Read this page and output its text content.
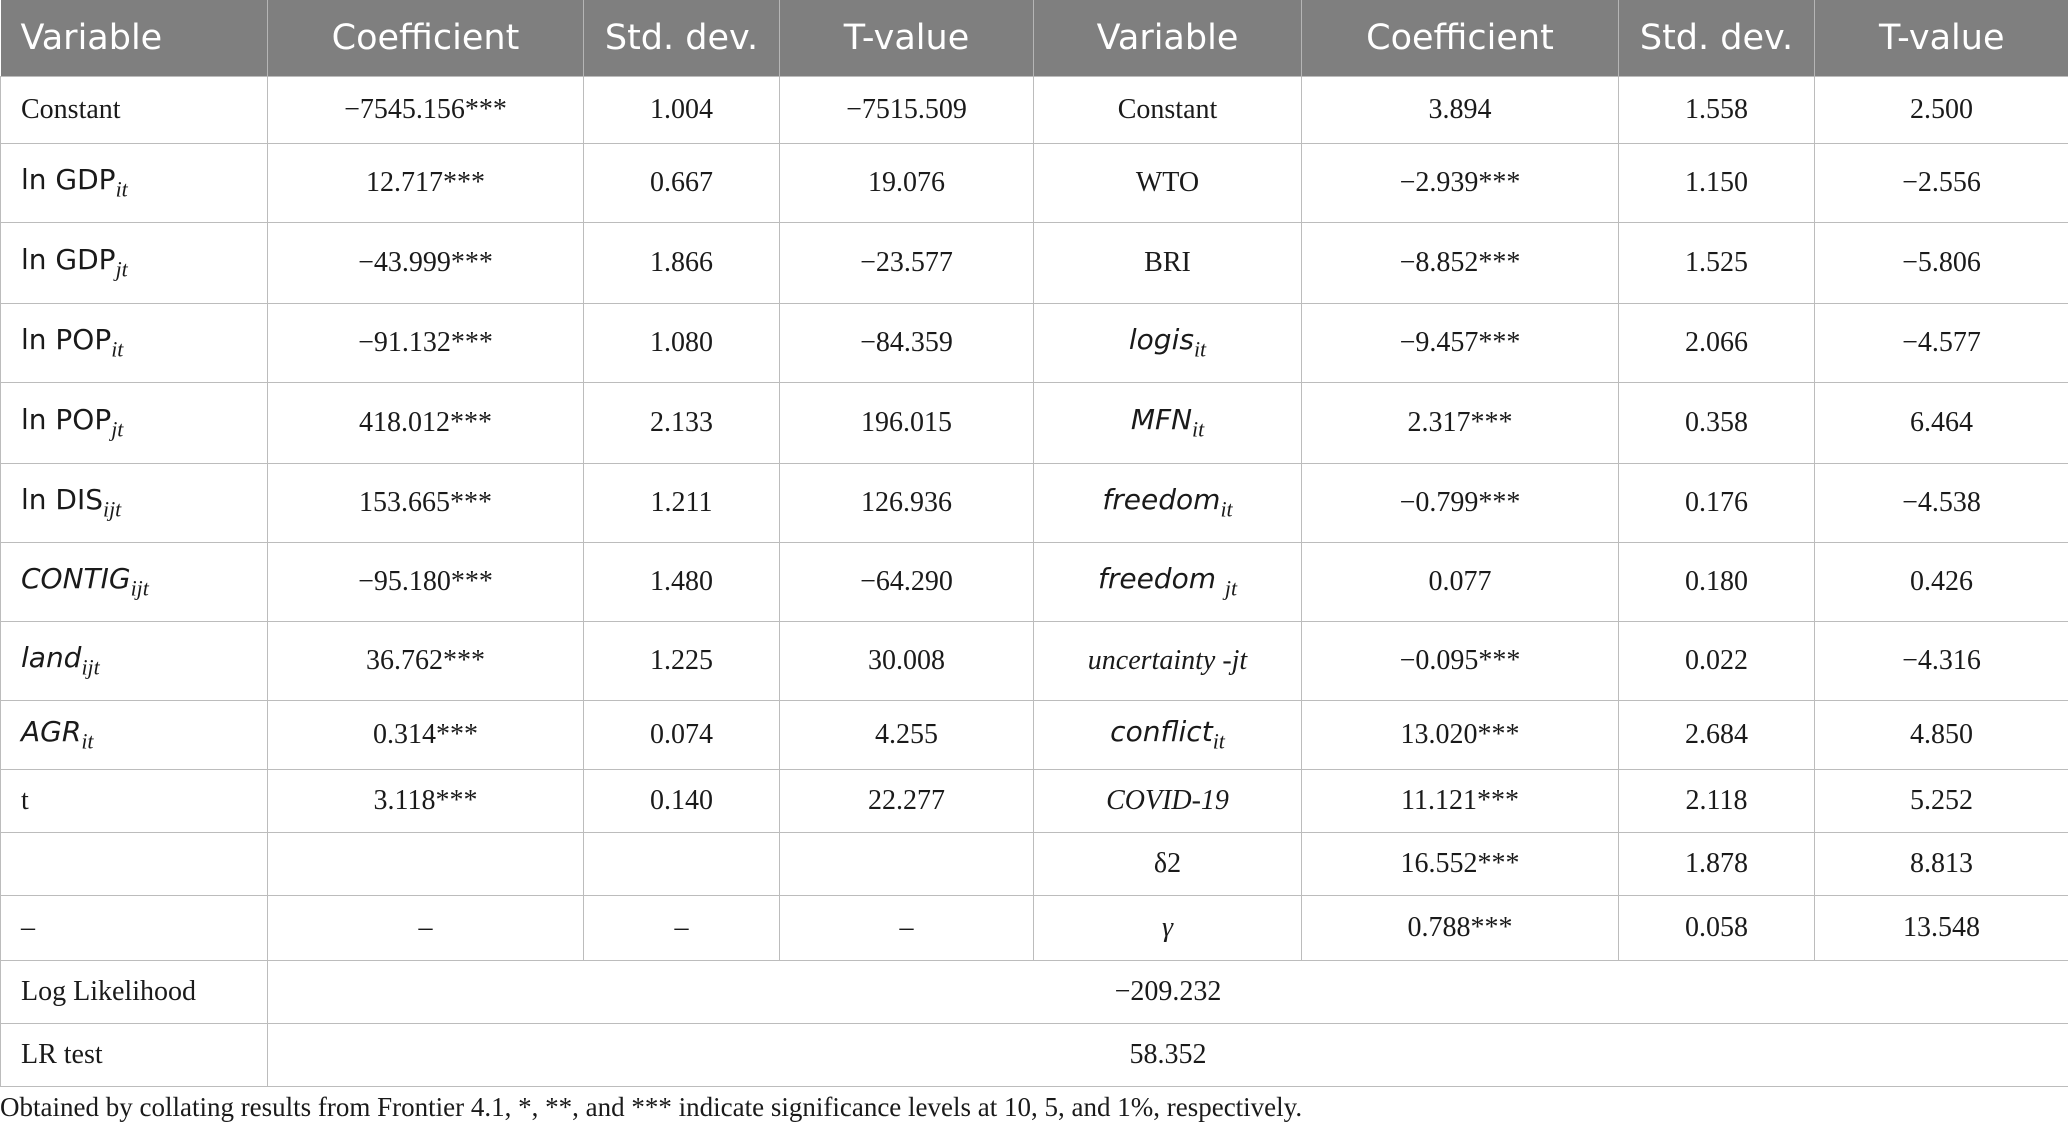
Variable	Coefficient	Std. dev.	T-value	Variable	Coefficient	Std. dev.	T-value
Constant	−7545.156***	1.004	−7515.509	Constant	3.894	1.558	2.500
$\ln GDP_{it}$	12.717***	0.667	19.076	WTO	−2.939***	1.150	−2.556
$\ln GDP_{jt}$	−43.999***	1.866	−23.577	BRI	−8.852***	1.525	−5.806
$\ln POP_{it}$	−91.132***	1.080	−84.359	logis$_{it}$	−9.457***	2.066	−4.577
$\ln POP_{jt}$	418.012***	2.133	196.015	$MFN_{it}$	2.317***	0.358	6.464
$\ln DIS_{ijt}$	153.665***	1.211	126.936	freedom$_{it}$	−0.799***	0.176	−4.538
$CONTIG_{ijt}$	−95.180***	1.480	−64.290	freedom $_{jt}$	0.077	0.180	0.426
land$_{ijt}$	36.762***	1.225	30.008	uncertainty -jt	−0.095***	0.022	−4.316
$AGR_{it}$	0.314***	0.074	4.255	conflict$_{it}$	13.020***	2.684	4.850
t	3.118***	0.140	22.277	COVID-19	11.121***	2.118	5.252
				δ2	16.552***	1.878	8.813
–	–	–	–	γ	0.788***	0.058	13.548
Log Likelihood	−209.232						
LR test	58.352						
Obtained by collating results from Frontier 4.1, *, **, and *** indicate significance levels at 10, 5, and 1%, respectively.
